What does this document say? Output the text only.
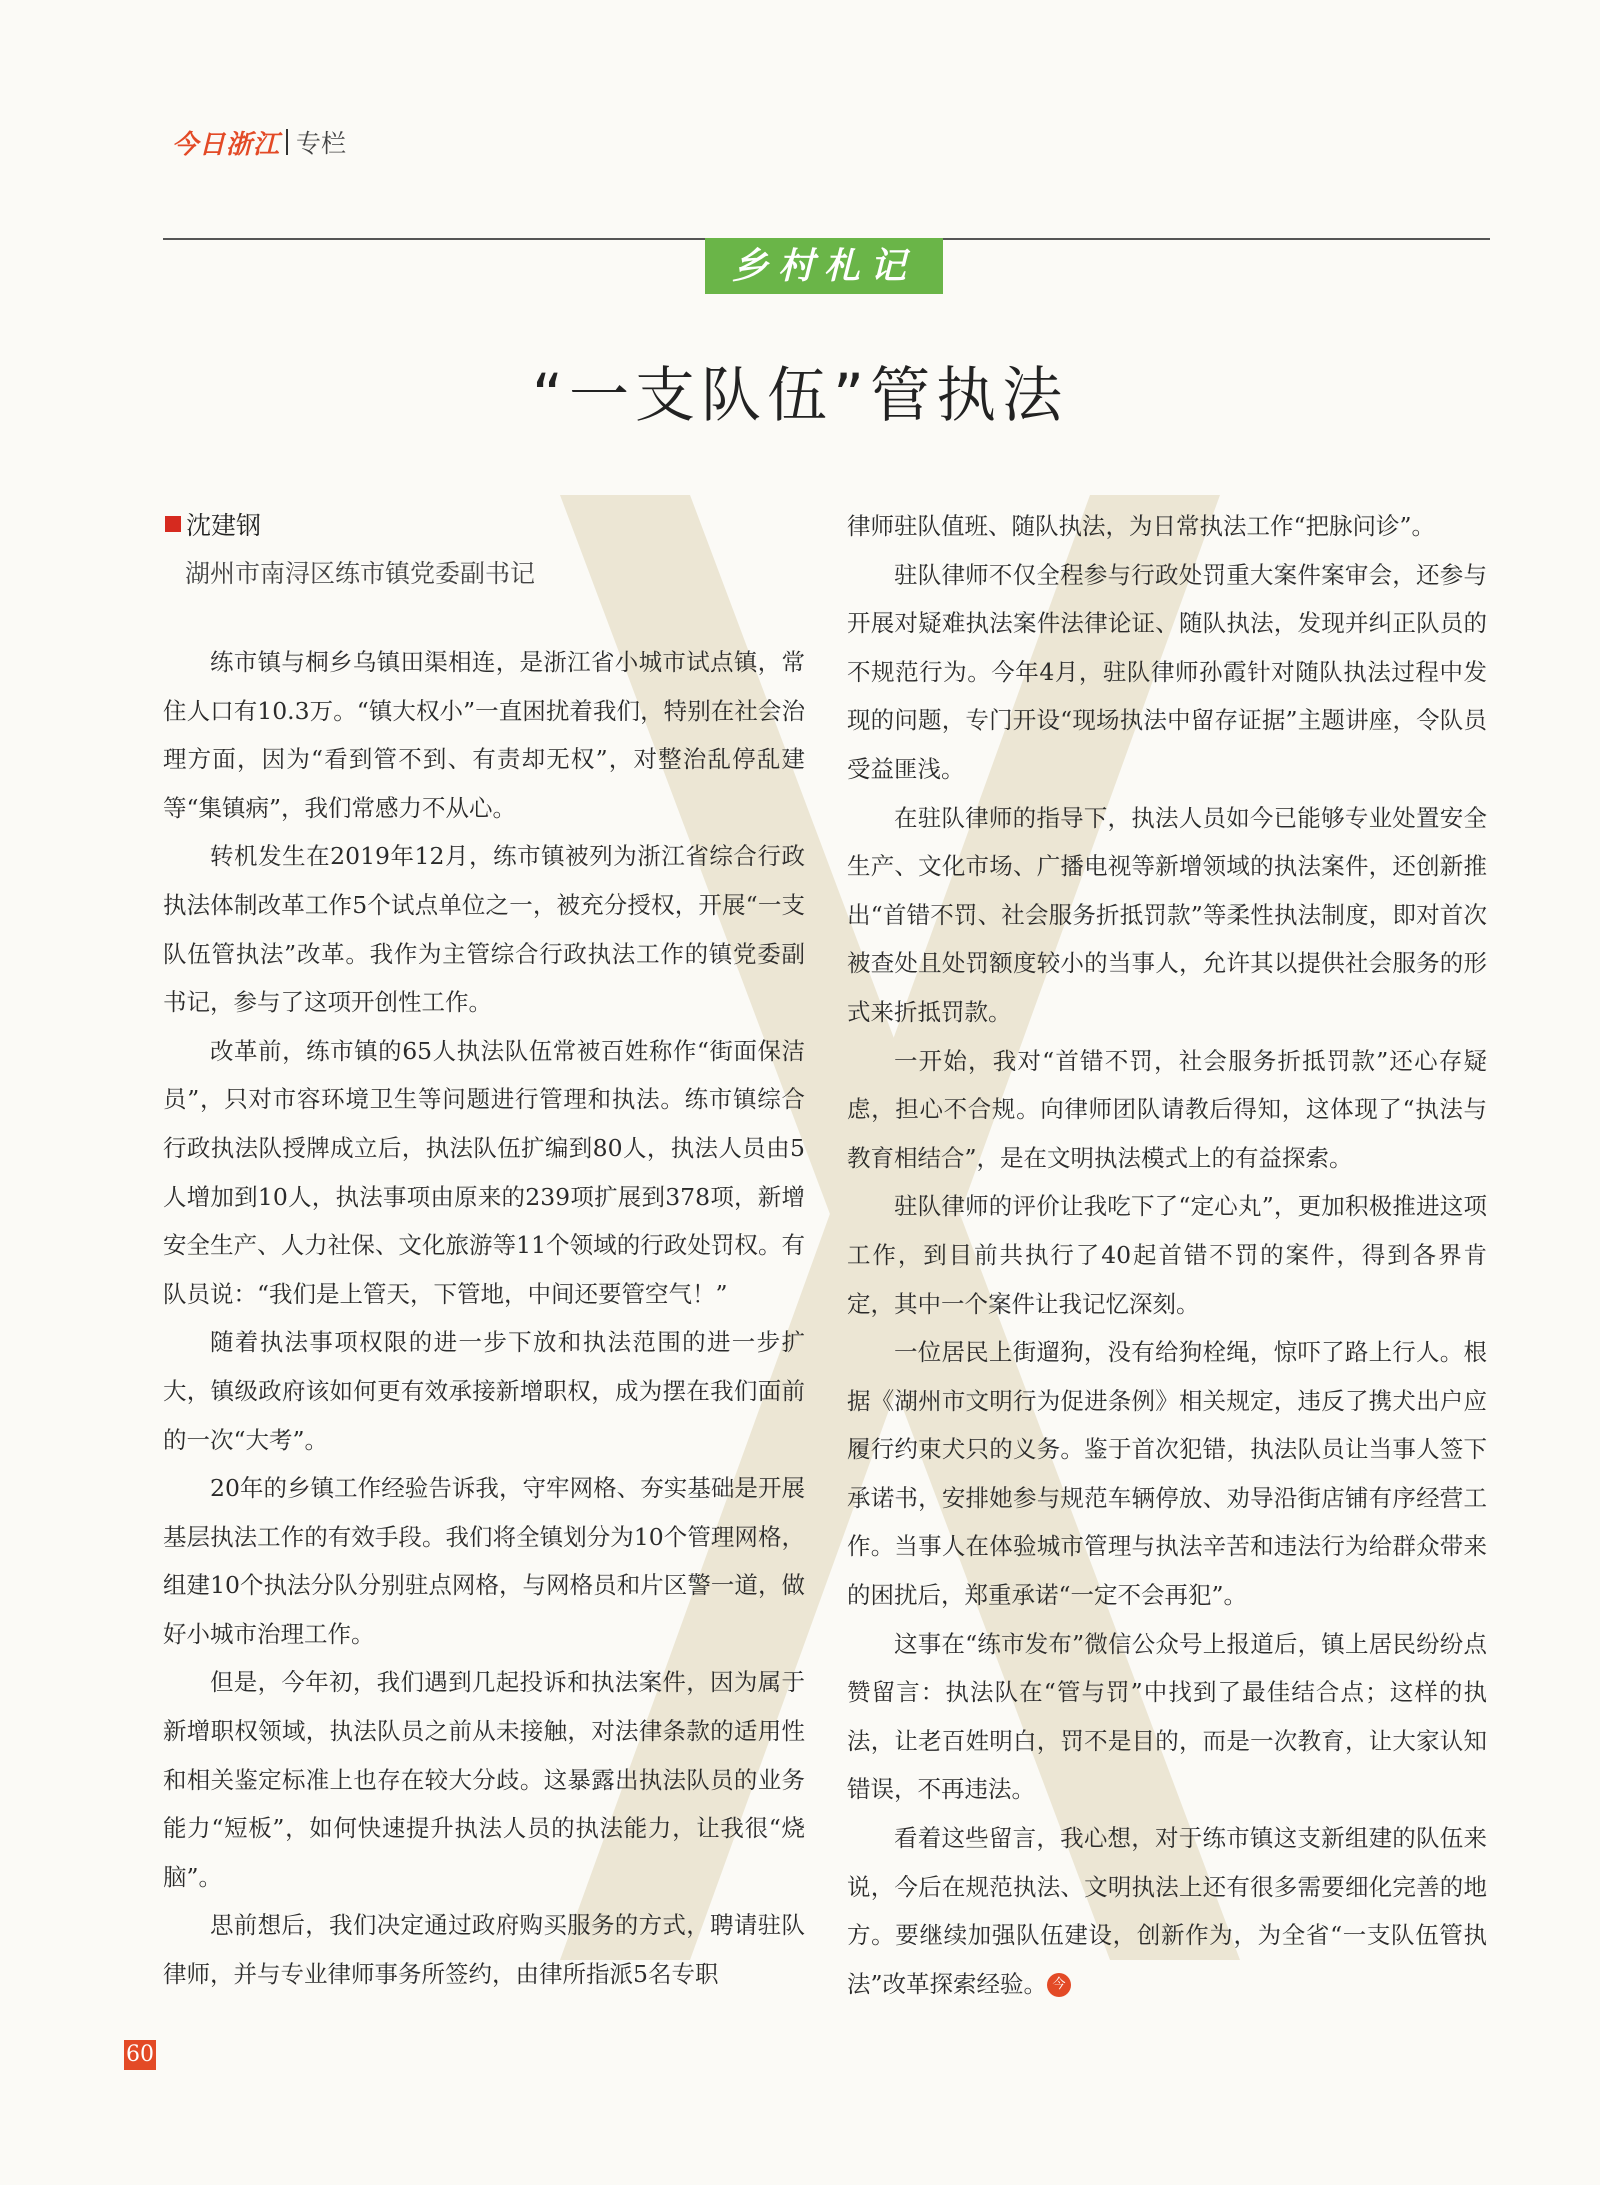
今日浙江 专栏
乡村札记
“一支队伍”管执法
沈建钢
湖州市南浔区练市镇党委副书记

练市镇与桐乡乌镇田渠相连，是浙江省小城市试点镇，常住人口有10.3万。“镇大权小”一直困扰着我们，特别在社会治理方面，因为“看到管不到、有责却无权”，对整治乱停乱建等“集镇病”，我们常感力不从心。

转机发生在2019年12月，练市镇被列为浙江省综合行政执法体制改革工作5个试点单位之一，被充分授权，开展“一支队伍管执法”改革。我作为主管综合行政执法工作的镇党委副书记，参与了这项开创性工作。

改革前，练市镇的65人执法队伍常被百姓称作“街面保洁员”，只对市容环境卫生等问题进行管理和执法。练市镇综合行政执法队授牌成立后，执法队伍扩编到80人，执法人员由5人增加到10人，执法事项由原来的239项扩展到378项，新增安全生产、人力社保、文化旅游等11个领域的行政处罚权。有队员说：“我们是上管天，下管地，中间还要管空气！”

随着执法事项权限的进一步下放和执法范围的进一步扩大，镇级政府该如何更有效承接新增职权，成为摆在我们面前的一次“大考”。

20年的乡镇工作经验告诉我，守牢网格、夯实基础是开展基层执法工作的有效手段。我们将全镇划分为10个管理网格，组建10个执法分队分别驻点网格，与网格员和片区警一道，做好小城市治理工作。

但是，今年初，我们遇到几起投诉和执法案件，因为属于新增职权领域，执法队员之前从未接触，对法律条款的适用性和相关鉴定标准上也存在较大分歧。这暴露出执法队员的业务能力“短板”，如何快速提升执法人员的执法能力，让我很“烧脑”。

思前想后，我们决定通过政府购买服务的方式，聘请驻队律师，并与专业律师事务所签约，由律所指派5名专职

律师驻队值班、随队执法，为日常执法工作“把脉问诊”。

驻队律师不仅全程参与行政处罚重大案件案审会，还参与开展对疑难执法案件法律论证、随队执法，发现并纠正队员的不规范行为。今年4月，驻队律师孙霞针对随队执法过程中发现的问题，专门开设“现场执法中留存证据”主题讲座，令队员受益匪浅。

在驻队律师的指导下，执法人员如今已能够专业处置安全生产、文化市场、广播电视等新增领域的执法案件，还创新推出“首错不罚、社会服务折抵罚款”等柔性执法制度，即对首次被查处且处罚额度较小的当事人，允许其以提供社会服务的形式来折抵罚款。

一开始，我对“首错不罚，社会服务折抵罚款”还心存疑虑，担心不合规。向律师团队请教后得知，这体现了“执法与教育相结合”，是在文明执法模式上的有益探索。

驻队律师的评价让我吃下了“定心丸”，更加积极推进这项工作，到目前共执行了40起首错不罚的案件，得到各界肯定，其中一个案件让我记忆深刻。

一位居民上街遛狗，没有给狗栓绳，惊吓了路上行人。根据《湖州市文明行为促进条例》相关规定，违反了携犬出户应履行约束犬只的义务。鉴于首次犯错，执法队员让当事人签下承诺书，安排她参与规范车辆停放、劝导沿街店铺有序经营工作。当事人在体验城市管理与执法辛苦和违法行为给群众带来的困扰后，郑重承诺“一定不会再犯”。

这事在“练市发布”微信公众号上报道后，镇上居民纷纷点赞留言：执法队在“管与罚”中找到了最佳结合点；这样的执法，让老百姓明白，罚不是目的，而是一次教育，让大家认知错误，不再违法。

看着这些留言，我心想，对于练市镇这支新组建的队伍来说，今后在规范执法、文明执法上还有很多需要细化完善的地方。要继续加强队伍建设，创新作为，为全省“一支队伍管执法”改革探索经验。 今

60
